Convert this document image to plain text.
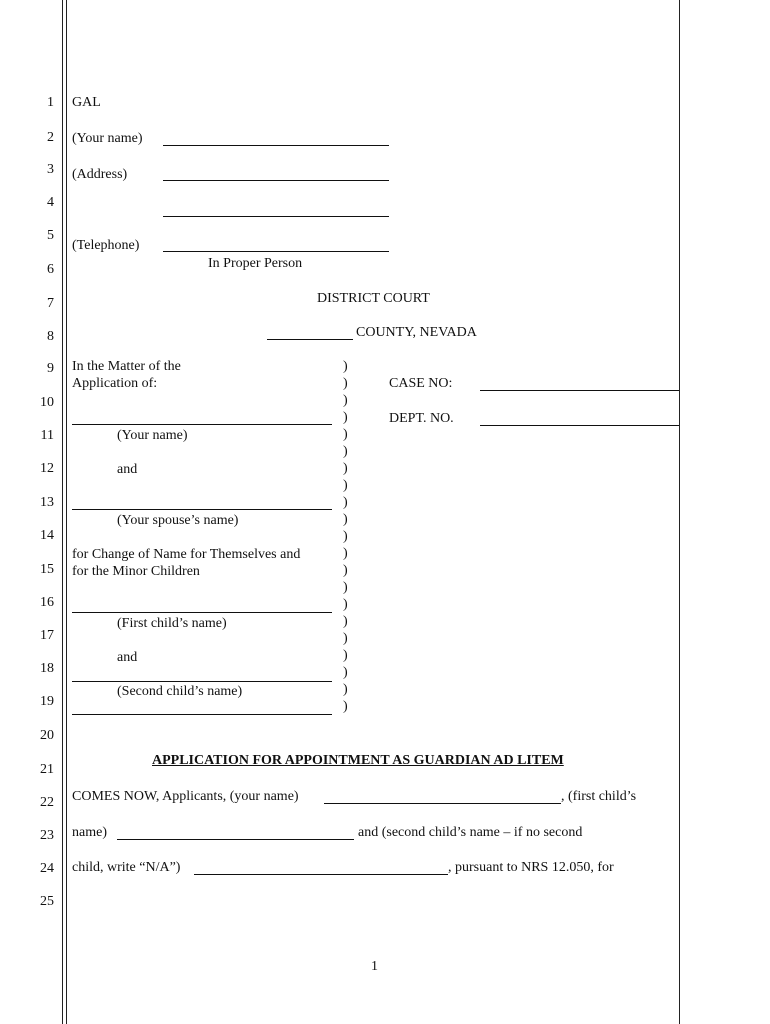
1
2
3
4
5
6
7
8
9
10
11
12
13
14
15
16
17
18
19
20
21
22
23
24
25
GAL
(Your name)
(Address)
(Telephone)
In Proper Person
DISTRICT COURT
COUNTY, NEVADA
In the Matter of the
Application of:
(Your name)
and
(Your spouse’s name)
for Change of Name for Themselves and
for the Minor Children
(First child’s name)
and
(Second child’s name)
)
)
)
)
)
)
)
)
)
)
)
)
)
)
)
)
)
)
)
)
)
CASE NO:
DEPT. NO.
APPLICATION FOR APPOINTMENT AS GUARDIAN AD LITEM
COMES NOW, Applicants, (your name)	, (first child’s
name)	and (second child’s name – if no second
child, write “N/A”)	, pursuant to NRS 12.050, for
1
